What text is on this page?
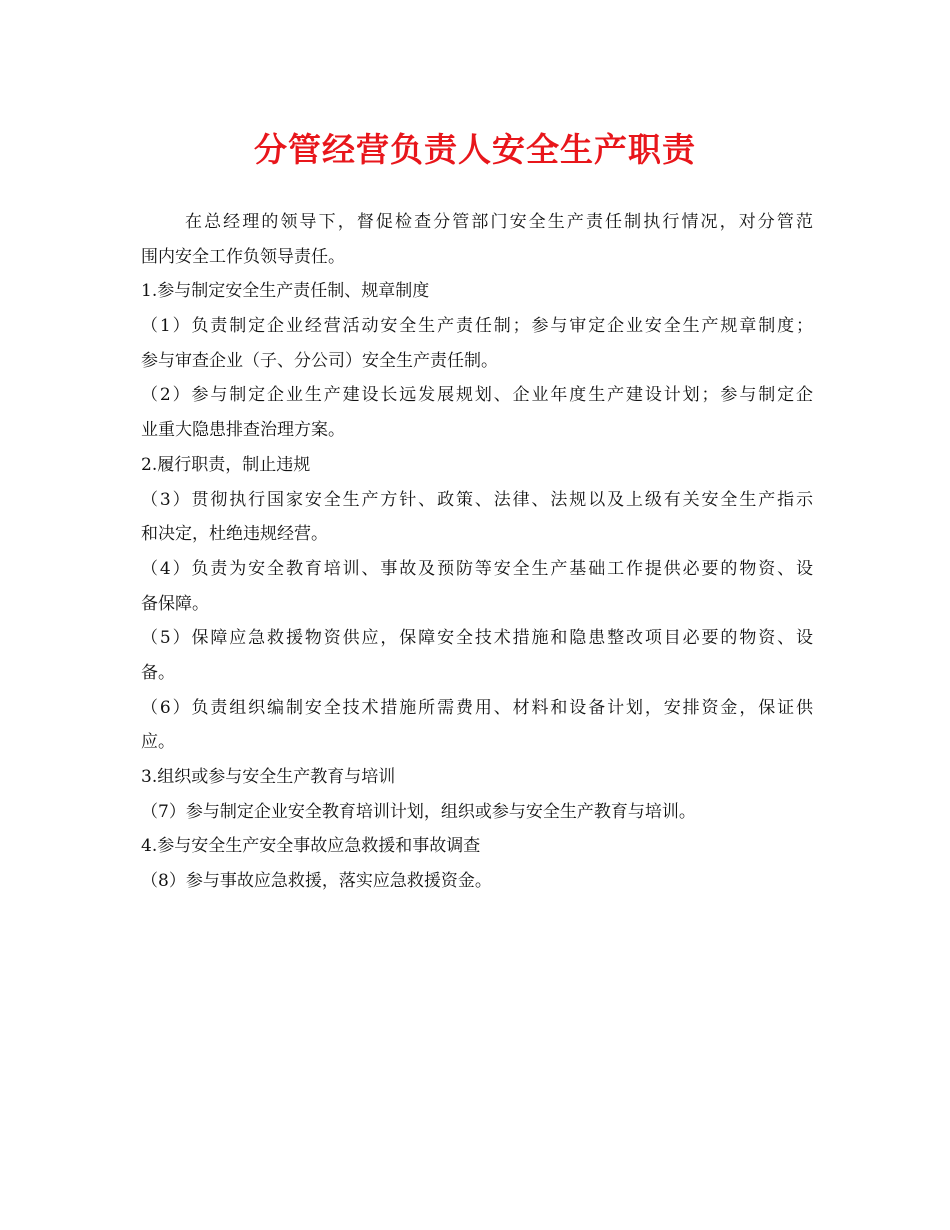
分管经营负责人安全生产职责
在总经理的领导下，督促检查分管部门安全生产责任制执行情况，对分管范
围内安全工作负领导责任。
1.参与制定安全生产责任制、规章制度
（1）负责制定企业经营活动安全生产责任制；参与审定企业安全生产规章制度；
参与审查企业（子、分公司）安全生产责任制。
（2）参与制定企业生产建设长远发展规划、企业年度生产建设计划；参与制定企
业重大隐患排查治理方案。
2.履行职责，制止违规
（3）贯彻执行国家安全生产方针、政策、法律、法规以及上级有关安全生产指示
和决定，杜绝违规经营。
（4）负责为安全教育培训、事故及预防等安全生产基础工作提供必要的物资、设
备保障。
（5）保障应急救援物资供应，保障安全技术措施和隐患整改项目必要的物资、设
备。
（6）负责组织编制安全技术措施所需费用、材料和设备计划，安排资金，保证供
应。
3.组织或参与安全生产教育与培训
（7）参与制定企业安全教育培训计划，组织或参与安全生产教育与培训。
4.参与安全生产安全事故应急救援和事故调查
（8）参与事故应急救援，落实应急救援资金。
